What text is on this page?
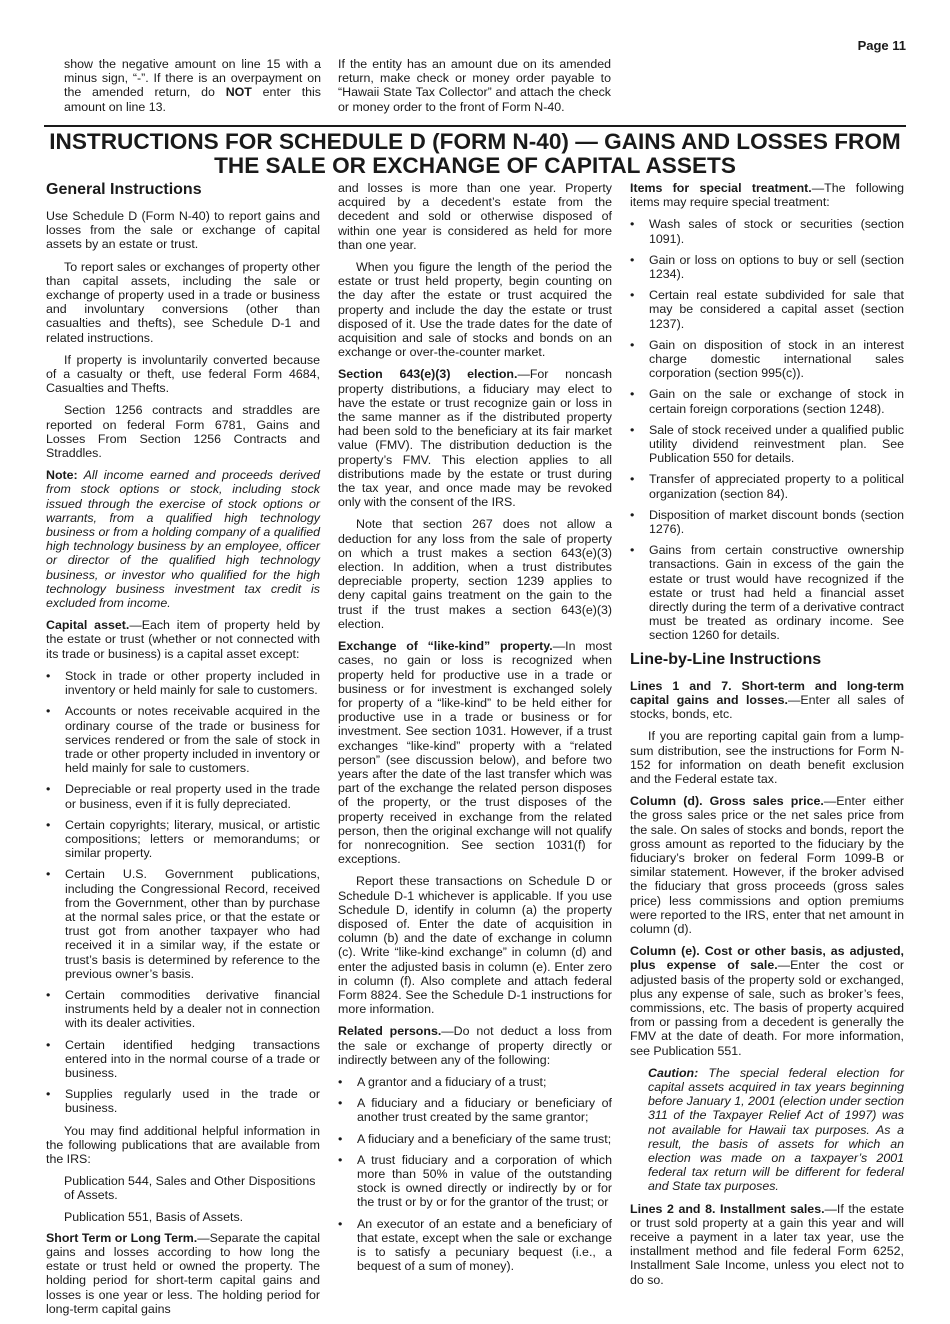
Page 11
show the negative amount on line 15 with a minus sign, “-”. If there is an overpayment on the amended return, do NOT enter this amount on line 13.
If the entity has an amount due on its amended return, make check or money order payable to “Hawaii State Tax Collector” and attach the check or money order to the front of Form N-40.
INSTRUCTIONS FOR SCHEDULE D (FORM N-40) — GAINS AND LOSSES FROM THE SALE OR EXCHANGE OF CAPITAL ASSETS
General Instructions

Use Schedule D (Form N-40) to report gains and losses from the sale or exchange of capital assets by an estate or trust.

To report sales or exchanges of property other than capital assets, including the sale or exchange of property used in a trade or business and involuntary conversions (other than casualties and thefts), see Schedule D-1 and related instructions.

If property is involuntarily converted because of a casualty or theft, use federal Form 4684, Casualties and Thefts.

Section 1256 contracts and straddles are reported on federal Form 6781, Gains and Losses From Section 1256 Contracts and Straddles.

Note: All income earned and proceeds derived from stock options or stock, including stock issued through the exercise of stock options or warrants, from a qualified high technology business or from a holding company of a qualified high technology business by an employee, officer or director of the qualified high technology business, or investor who qualified for the high technology business investment tax credit is excluded from income.

Capital asset.—Each item of property held by the estate or trust (whether or not connected with its trade or business) is a capital asset except:

• Stock in trade or other property included in inventory or held mainly for sale to customers.
• Accounts or notes receivable acquired in the ordinary course of the trade or business for services rendered or from the sale of stock in trade or other property included in inventory or held mainly for sale to customers.
• Depreciable or real property used in the trade or business, even if it is fully depreciated.
• Certain copyrights; literary, musical, or artistic compositions; letters or memorandums; or similar property.
• Certain U.S. Government publications, including the Congressional Record, received from the Government, other than by purchase at the normal sales price, or that the estate or trust got from another taxpayer who had received it in a similar way, if the estate or trust’s basis is determined by reference to the previous owner’s basis.
• Certain commodities derivative financial instruments held by a dealer not in connection with its dealer activities.
• Certain identified hedging transactions entered into in the normal course of a trade or business.
• Supplies regularly used in the trade or business.

You may find additional helpful information in the following publications that are available from the IRS:

Publication 544, Sales and Other Dispositions of Assets.

Publication 551, Basis of Assets.

Short Term or Long Term.—Separate the capital gains and losses according to how long the estate or trust held or owned the property. The holding period for short-term capital gains and losses is one year or less. The holding period for long-term capital gains

and losses is more than one year. Property acquired by a decedent’s estate from the decedent and sold or otherwise disposed of within one year is considered as held for more than one year.

When you figure the length of the period the estate or trust held property, begin counting on the day after the estate or trust acquired the property and include the day the estate or trust disposed of it. Use the trade dates for the date of acquisition and sale of stocks and bonds on an exchange or over-the-counter market.

Section 643(e)(3) election.—For noncash property distributions, a fiduciary may elect to have the estate or trust recognize gain or loss in the same manner as if the distributed property had been sold to the beneficiary at its fair market value (FMV). The distribution deduction is the property’s FMV. This election applies to all distributions made by the estate or trust during the tax year, and once made may be revoked only with the consent of the IRS.

Note that section 267 does not allow a deduction for any loss from the sale of property on which a trust makes a section 643(e)(3) election. In addition, when a trust distributes depreciable property, section 1239 applies to deny capital gains treatment on the gain to the trust if the trust makes a section 643(e)(3) election.

Exchange of “like-kind” property.—In most cases, no gain or loss is recognized when property held for productive use in a trade or business or for investment is exchanged solely for property of a “like-kind” to be held either for productive use in a trade or business or for investment. See section 1031. However, if a trust exchanges “like-kind” property with a “related person” (see discussion below), and before two years after the date of the last transfer which was part of the exchange the related person disposes of the property, or the trust disposes of the property received in exchange from the related person, then the original exchange will not qualify for nonrecognition. See section 1031(f) for exceptions.

Report these transactions on Schedule D or Schedule D-1 whichever is applicable. If you use Schedule D, identify in column (a) the property disposed of. Enter the date of acquisition in column (b) and the date of exchange in column (c). Write “like-kind exchange” in column (d) and enter the adjusted basis in column (e). Enter zero in column (f). Also complete and attach federal Form 8824. See the Schedule D-1 instructions for more information.

Related persons.—Do not deduct a loss from the sale or exchange of property directly or indirectly between any of the following:

• A grantor and a fiduciary of a trust;
• A fiduciary and a fiduciary or beneficiary of another trust created by the same grantor;
• A fiduciary and a beneficiary of the same trust;
• A trust fiduciary and a corporation of which more than 50% in value of the outstanding stock is owned directly or indirectly by or for the trust or by or for the grantor of the trust; or
• An executor of an estate and a beneficiary of that estate, except when the sale or exchange is to satisfy a pecuniary bequest (i.e., a bequest of a sum of money).

Items for special treatment.—The following items may require special treatment:

• Wash sales of stock or securities (section 1091).
• Gain or loss on options to buy or sell (section 1234).
• Certain real estate subdivided for sale that may be considered a capital asset (section 1237).
• Gain on disposition of stock in an interest charge domestic international sales corporation (section 995(c)).
• Gain on the sale or exchange of stock in certain foreign corporations (section 1248).
• Sale of stock received under a qualified public utility dividend reinvestment plan. See Publication 550 for details.
• Transfer of appreciated property to a political organization (section 84).
• Disposition of market discount bonds (section 1276).
• Gains from certain constructive ownership transactions. Gain in excess of the gain the estate or trust would have recognized if the estate or trust had held a financial asset directly during the term of a derivative contract must be treated as ordinary income. See section 1260 for details.
Line-by-Line Instructions

Lines 1 and 7. Short-term and long-term capital gains and losses.—Enter all sales of stocks, bonds, etc.

If you are reporting capital gain from a lump-sum distribution, see the instructions for Form N-152 for information on death benefit exclusion and the Federal estate tax.

Column (d). Gross sales price.—Enter either the gross sales price or the net sales price from the sale. On sales of stocks and bonds, report the gross amount as reported to the fiduciary by the fiduciary’s broker on federal Form 1099-B or similar statement. However, if the broker advised the fiduciary that gross proceeds (gross sales price) less commissions and option premiums were reported to the IRS, enter that net amount in column (d).

Column (e). Cost or other basis, as adjusted, plus expense of sale.—Enter the cost or adjusted basis of the property sold or exchanged, plus any expense of sale, such as broker’s fees, commissions, etc. The basis of property acquired from or passing from a decedent is generally the FMV at the date of death. For more information, see Publication 551.

Caution: The special federal election for capital assets acquired in tax years beginning before January 1, 2001 (election under section 311 of the Taxpayer Relief Act of 1997) was not available for Hawaii tax purposes. As a result, the basis of assets for which an election was made on a taxpayer’s 2001 federal tax return will be different for federal and State tax purposes.

Lines 2 and 8. Installment sales.—If the estate or trust sold property at a gain this year and will receive a payment in a later tax year, use the installment method and file federal Form 6252, Installment Sale Income, unless you elect not to do so.
